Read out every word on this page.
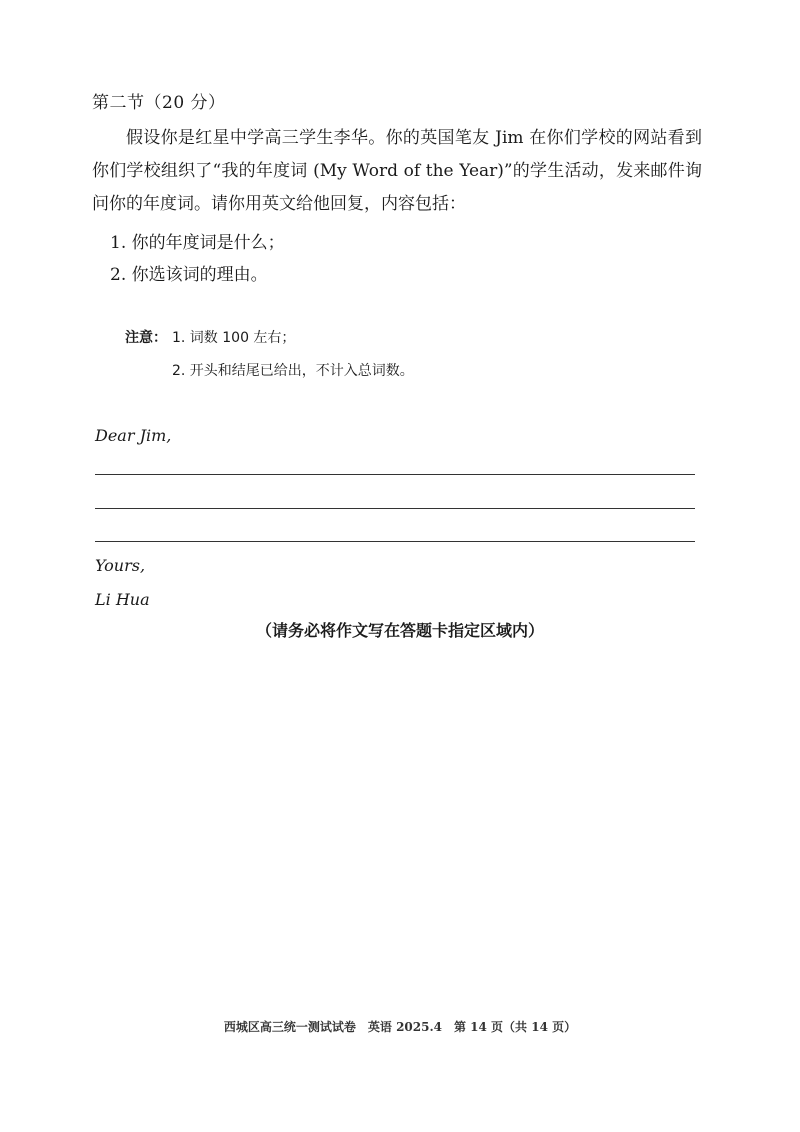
第二节（20 分）

假设你是红星中学高三学生李华。你的英国笔友 Jim 在你们学校的网站看到你们学校组织了“我的年度词 (My Word of the Year)”的学生活动，发来邮件询问你的年度词。请你用英文给他回复，内容包括：

1. 你的年度词是什么；
2. 你选该词的理由。
注意： 1. 词数 100 左右；
2. 开头和结尾已给出，不计入总词数。
Dear Jim,
Yours,
Li Hua
（请务必将作文写在答题卡指定区域内）
西城区高三统一测试试卷　英语 2025.4　第 14 页（共 14 页）
